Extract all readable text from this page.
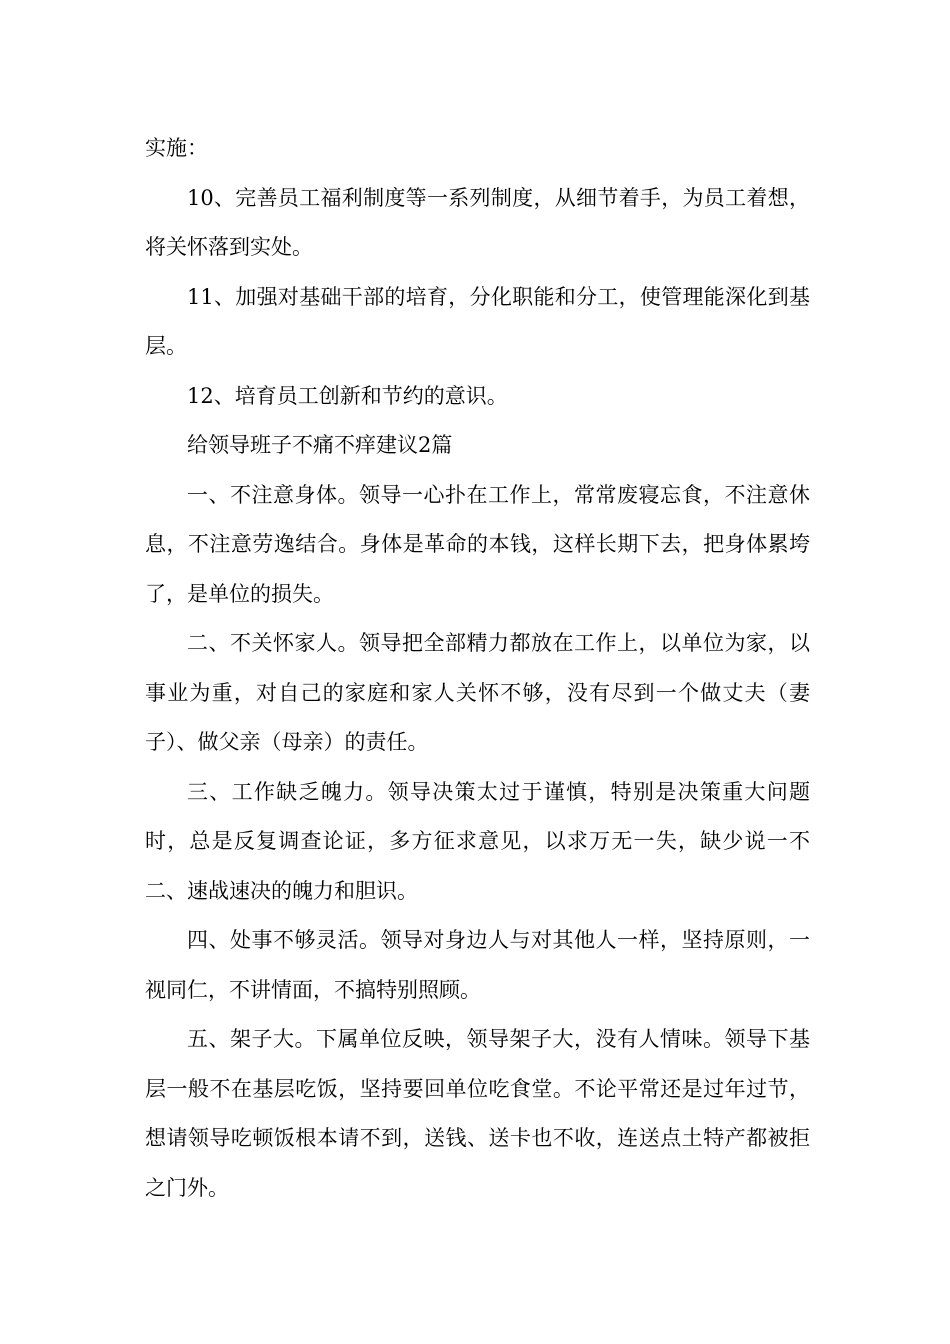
实施：

10、完善员工福利制度等一系列制度，从细节着手，为员工着想，将关怀落到实处。

11、加强对基础干部的培育，分化职能和分工，使管理能深化到基层。

12、培育员工创新和节约的意识。

给领导班子不痛不痒建议2篇

一、不注意身体。领导一心扑在工作上，常常废寝忘食，不注意休息，不注意劳逸结合。身体是革命的本钱，这样长期下去，把身体累垮了，是单位的损失。

二、不关怀家人。领导把全部精力都放在工作上，以单位为家，以事业为重，对自己的家庭和家人关怀不够，没有尽到一个做丈夫（妻子）、做父亲（母亲）的责任。

三、工作缺乏魄力。领导决策太过于谨慎，特别是决策重大问题时，总是反复调查论证，多方征求意见，以求万无一失，缺少说一不二、速战速决的魄力和胆识。

四、处事不够灵活。领导对身边人与对其他人一样，坚持原则，一视同仁，不讲情面，不搞特别照顾。

五、架子大。下属单位反映，领导架子大，没有人情味。领导下基层一般不在基层吃饭，坚持要回单位吃食堂。不论平常还是过年过节，想请领导吃顿饭根本请不到，送钱、送卡也不收，连送点土特产都被拒之门外。
